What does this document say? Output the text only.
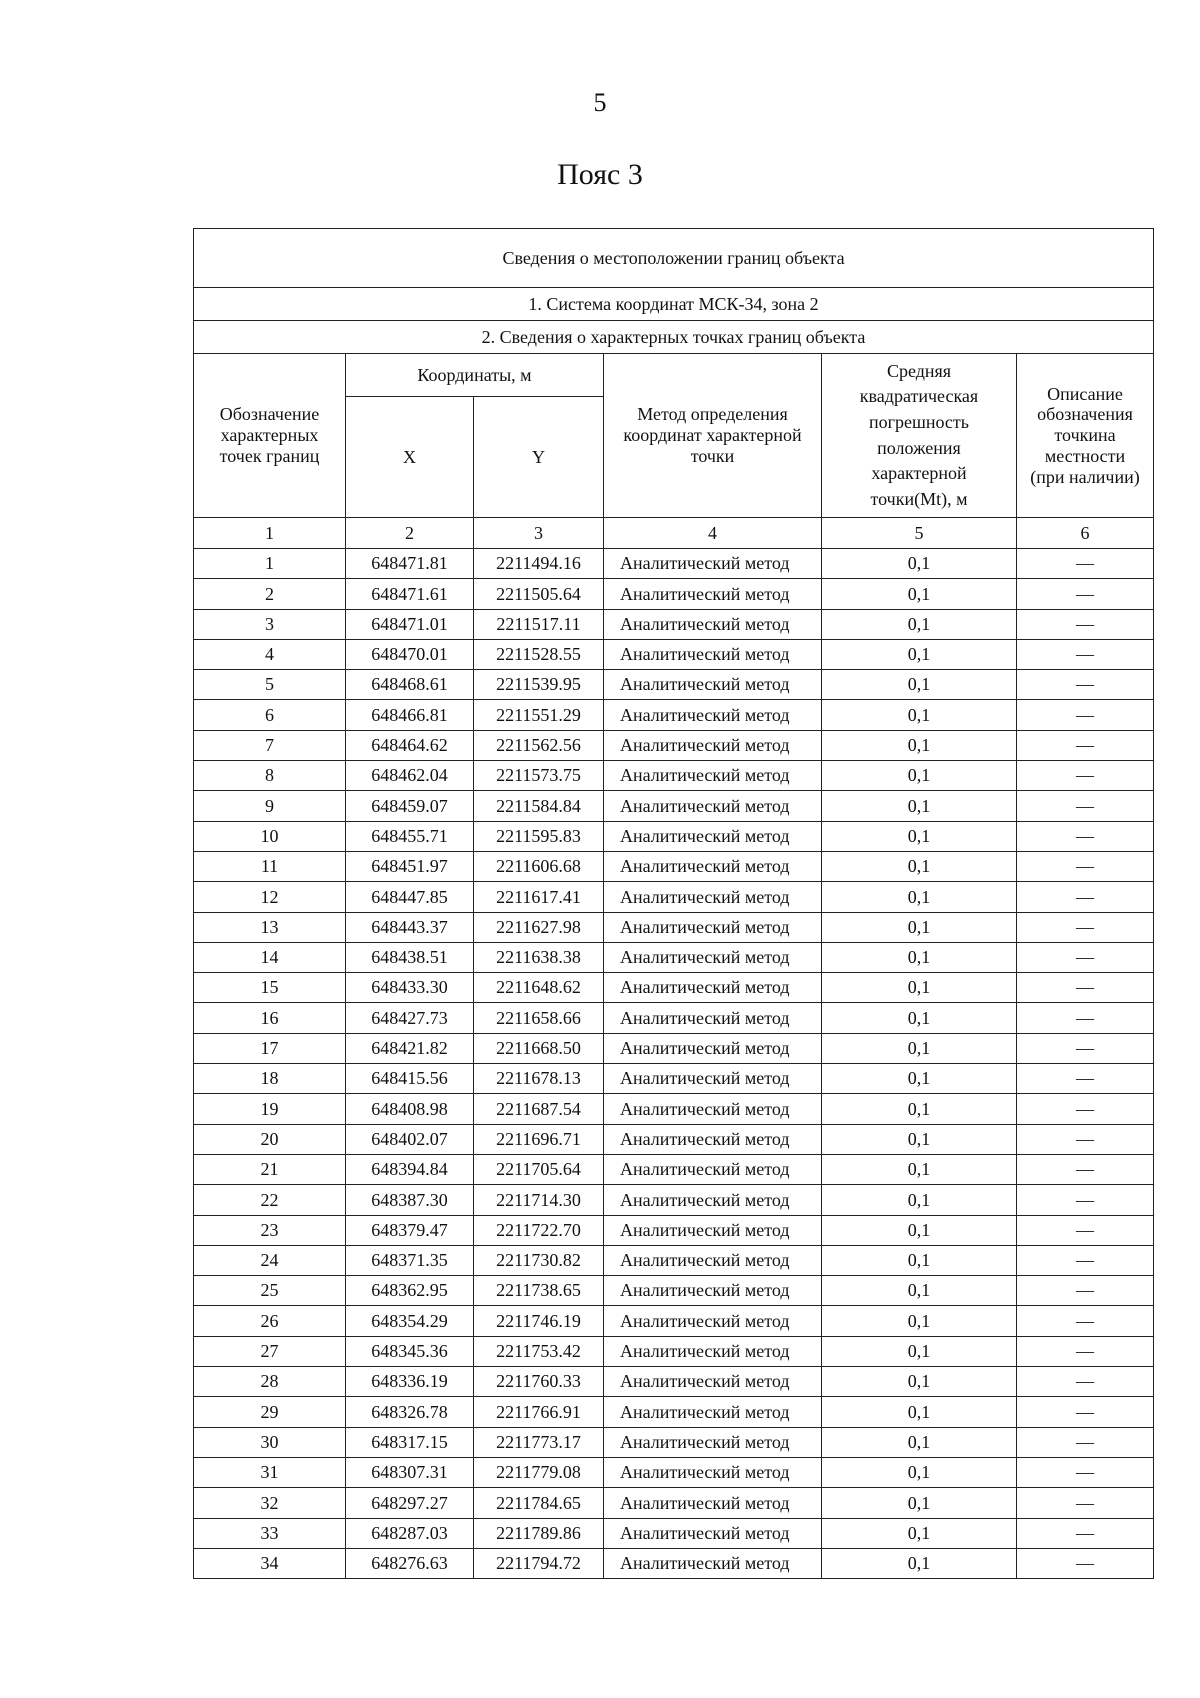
5
Пояс 3
Сведения о местоположении границ объекта					
1. Система координат МСК-34, зона 2					
2. Сведения о характерных точках границ объекта					
Обозначение характерных точек границ	Координаты, м		Метод определения координат характерной точки	Средняя квадратическая погрешность положения характерной точки(Mt), м	Описание обозначения точкина местности (при наличии)
	X	Y			
1	2	3	4	5	6
1	648471.81	2211494.16	Аналитический метод	0,1	—
2	648471.61	2211505.64	Аналитический метод	0,1	—
3	648471.01	2211517.11	Аналитический метод	0,1	—
4	648470.01	2211528.55	Аналитический метод	0,1	—
5	648468.61	2211539.95	Аналитический метод	0,1	—
6	648466.81	2211551.29	Аналитический метод	0,1	—
7	648464.62	2211562.56	Аналитический метод	0,1	—
8	648462.04	2211573.75	Аналитический метод	0,1	—
9	648459.07	2211584.84	Аналитический метод	0,1	—
10	648455.71	2211595.83	Аналитический метод	0,1	—
11	648451.97	2211606.68	Аналитический метод	0,1	—
12	648447.85	2211617.41	Аналитический метод	0,1	—
13	648443.37	2211627.98	Аналитический метод	0,1	—
14	648438.51	2211638.38	Аналитический метод	0,1	—
15	648433.30	2211648.62	Аналитический метод	0,1	—
16	648427.73	2211658.66	Аналитический метод	0,1	—
17	648421.82	2211668.50	Аналитический метод	0,1	—
18	648415.56	2211678.13	Аналитический метод	0,1	—
19	648408.98	2211687.54	Аналитический метод	0,1	—
20	648402.07	2211696.71	Аналитический метод	0,1	—
21	648394.84	2211705.64	Аналитический метод	0,1	—
22	648387.30	2211714.30	Аналитический метод	0,1	—
23	648379.47	2211722.70	Аналитический метод	0,1	—
24	648371.35	2211730.82	Аналитический метод	0,1	—
25	648362.95	2211738.65	Аналитический метод	0,1	—
26	648354.29	2211746.19	Аналитический метод	0,1	—
27	648345.36	2211753.42	Аналитический метод	0,1	—
28	648336.19	2211760.33	Аналитический метод	0,1	—
29	648326.78	2211766.91	Аналитический метод	0,1	—
30	648317.15	2211773.17	Аналитический метод	0,1	—
31	648307.31	2211779.08	Аналитический метод	0,1	—
32	648297.27	2211784.65	Аналитический метод	0,1	—
33	648287.03	2211789.86	Аналитический метод	0,1	—
34	648276.63	2211794.72	Аналитический метод	0,1	—
